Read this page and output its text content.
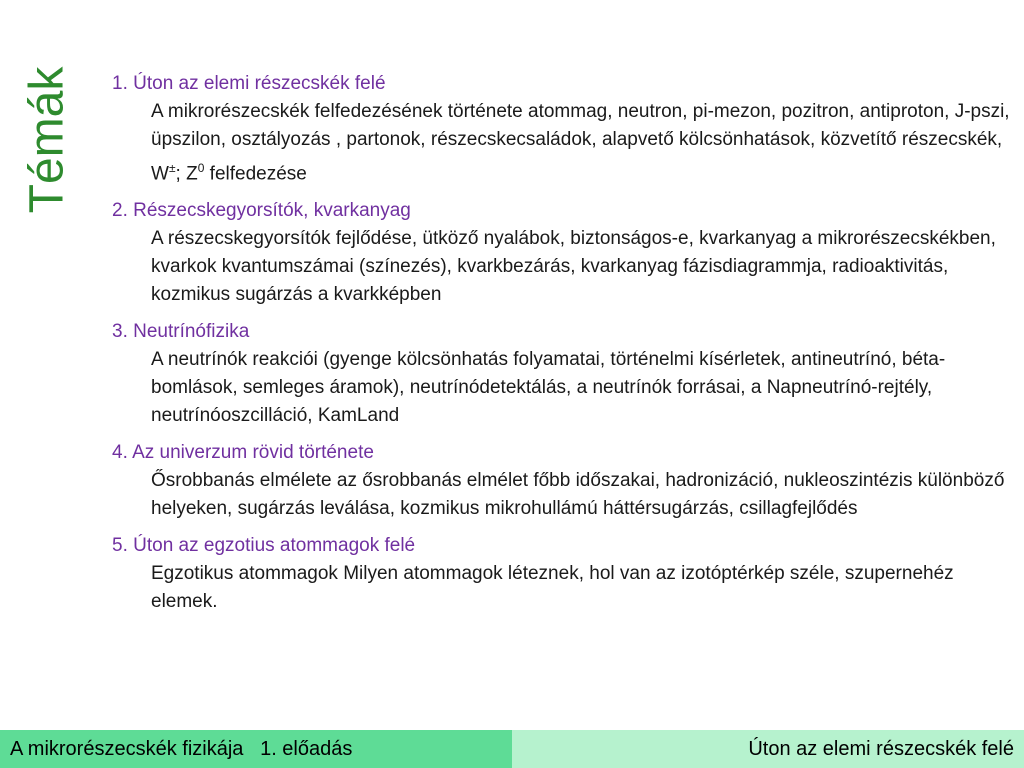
Témák 1. Úton az elemi részecskék felé
A mikrorészecskék felfedezésének története atommag, neutron, pi-mezon, pozitron, antiproton, J-pszi, üpszilon, osztályozás , partonok, részecskecsaládok, alapvető kölcsönhatások, közvetítő részecskék, W±; $Z^0$ felfedezése
2. Részecskegyorsítók, kvarkanyag
A részecskegyorsítók fejlődése, ütköző nyalábok, biztonságos-e, kvarkanyag a mikrorészecskékben, kvarkok kvantumszámai (színezés), kvarkbezárás, kvarkanyag fázisdiagrammja, radioaktivitás, kozmikus sugárzás a kvarkképben
3. Neutrínófizika
A neutrínók reakciói (gyenge kölcsönhatás folyamatai, történelmi kísérletek, antineutrínó, béta-bomlások, semleges áramok), neutrínódetektálás, a neutrínók forrásai, a Napneutrínó-rejtély, neutrínóoszcilláció, KamLand
4. Az univerzum rövid története
Ősrobbanás elmélete az ősrobbanás elmélet főbb időszakai, hadronizáció, nukleoszintézis különböző helyeken, sugárzás leválása, kozmikus mikrohullámú háttérsugárzás, csillagfejlődés
5. Úton az egzotius atommagok felé
Egzotikus atommagok Milyen atommagok léteznek, hol van az izotóptérkép széle, szupernehéz elemek.
A mikrorészecskék fizikája   1. előadás	Úton az elemi részecskék felé
